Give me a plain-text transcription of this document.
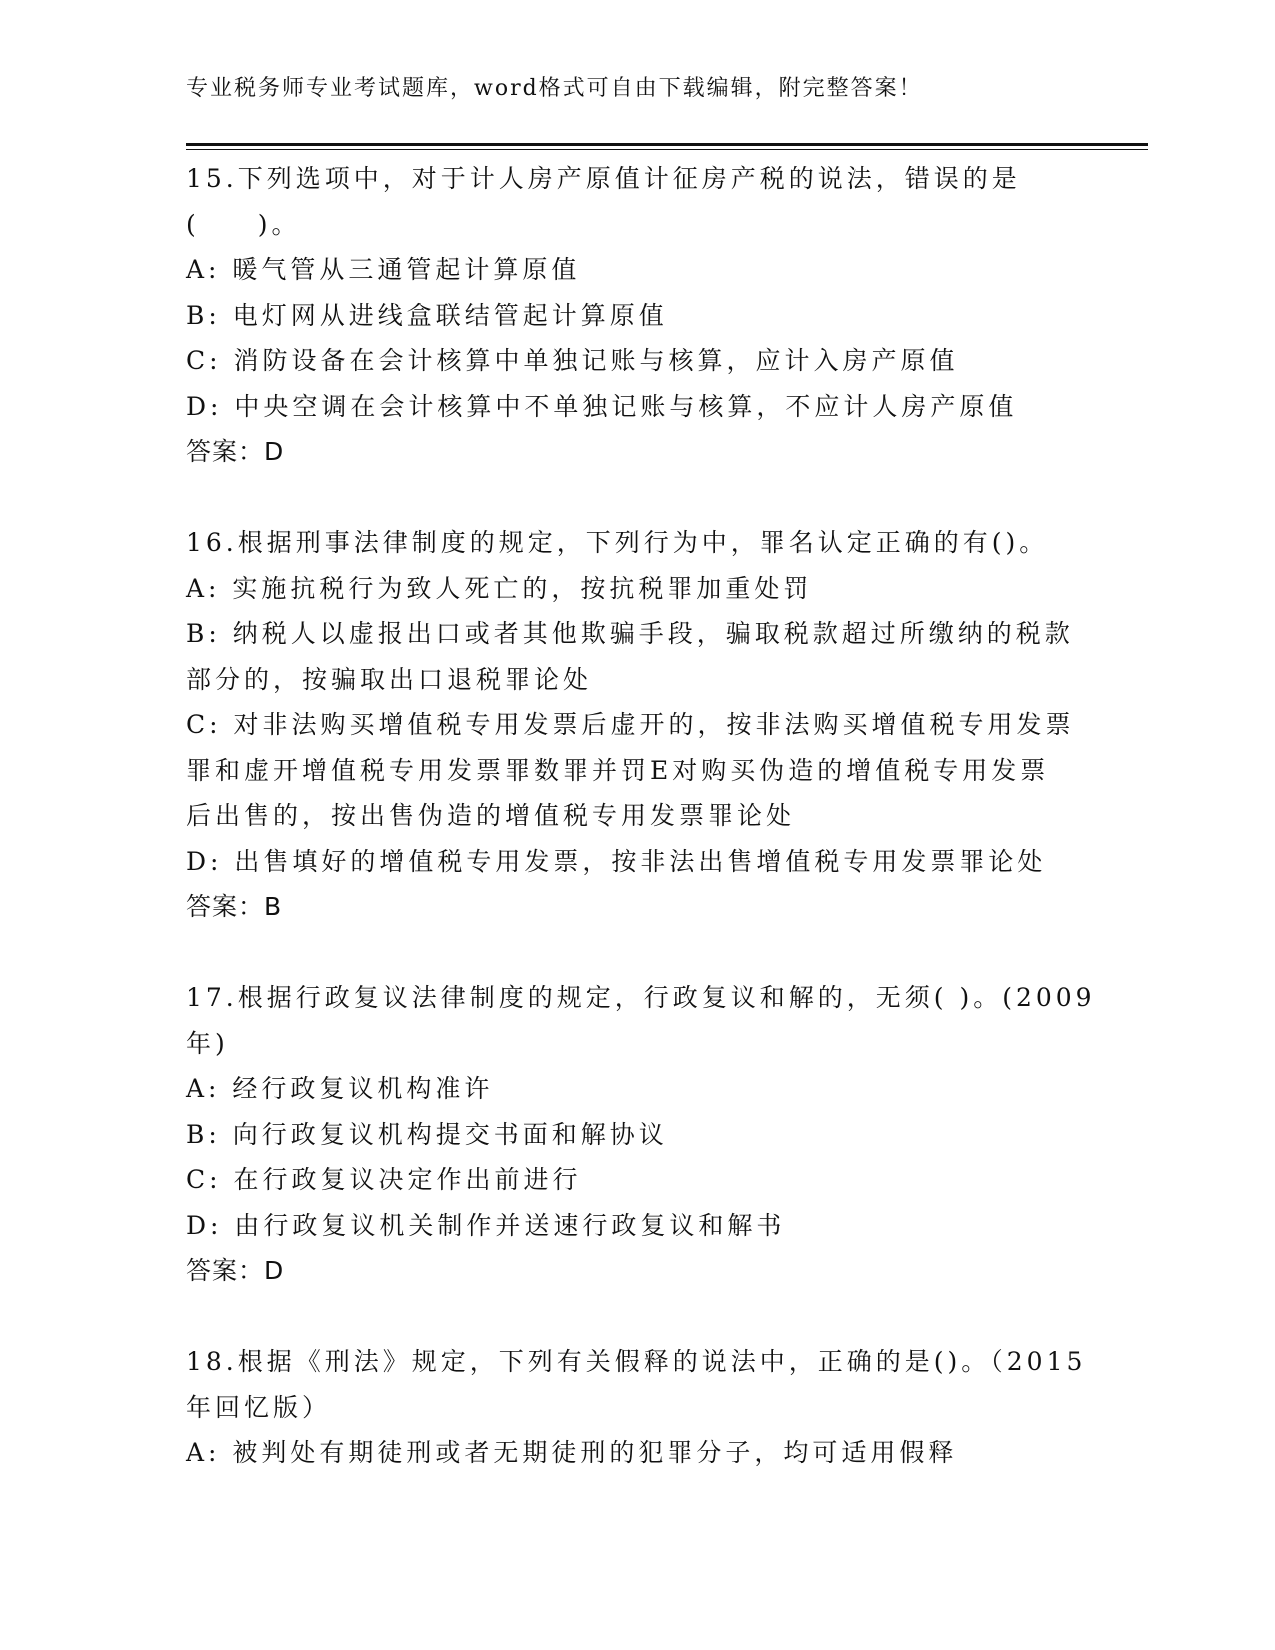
专业税务师专业考试题库，word格式可自由下载编辑，附完整答案！
15.下列选项中，对于计人房产原值计征房产税的说法，错误的是
(　　)。
A: 暖气管从三通管起计算原值
B: 电灯网从进线盒联结管起计算原值
C: 消防设备在会计核算中单独记账与核算，应计入房产原值
D: 中央空调在会计核算中不单独记账与核算，不应计人房产原值
答案：D
16.根据刑事法律制度的规定，下列行为中，罪名认定正确的有()。
A: 实施抗税行为致人死亡的，按抗税罪加重处罚
B: 纳税人以虚报出口或者其他欺骗手段，骗取税款超过所缴纳的税款
部分的，按骗取出口退税罪论处
C: 对非法购买增值税专用发票后虚开的，按非法购买增值税专用发票
罪和虚开增值税专用发票罪数罪并罚E对购买伪造的增值税专用发票
后出售的，按出售伪造的增值税专用发票罪论处
D: 出售填好的增值税专用发票，按非法出售增值税专用发票罪论处
答案：B
17.根据行政复议法律制度的规定，行政复议和解的，无须( )。(2009
年)
A: 经行政复议机构准许
B: 向行政复议机构提交书面和解协议
C: 在行政复议决定作出前进行
D: 由行政复议机关制作并送速行政复议和解书
答案：D
18.根据《刑法》规定，下列有关假释的说法中，正确的是()。（2015
年回忆版）
A: 被判处有期徒刑或者无期徒刑的犯罪分子，均可适用假释
